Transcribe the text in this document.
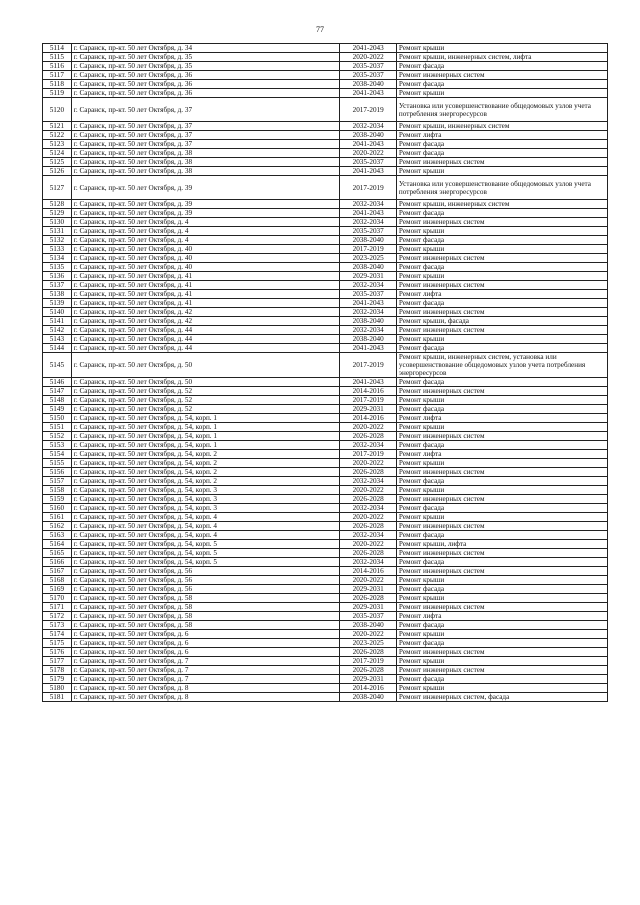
77
5114	г. Саранск, пр-кт. 50 лет Октября, д. 34	2041-2043	Ремонт крыши
5115	г. Саранск, пр-кт. 50 лет Октября, д. 35	2020-2022	Ремонт крыши, инженерных систем, лифта
5116	г. Саранск, пр-кт. 50 лет Октября, д. 35	2035-2037	Ремонт фасада
5117	г. Саранск, пр-кт. 50 лет Октября, д. 36	2035-2037	Ремонт инженерных систем
5118	г. Саранск, пр-кт. 50 лет Октября, д. 36	2038-2040	Ремонт фасада
5119	г. Саранск, пр-кт. 50 лет Октября, д. 36	2041-2043	Ремонт крыши
5120	г. Саранск, пр-кт. 50 лет Октября, д. 37	2017-2019	Установка или усовершенствование общедомовых узлов учета потребления энергоресурсов
5121	г. Саранск, пр-кт. 50 лет Октября, д. 37	2032-2034	Ремонт крыши, инженерных систем
5122	г. Саранск, пр-кт. 50 лет Октября, д. 37	2038-2040	Ремонт лифта
5123	г. Саранск, пр-кт. 50 лет Октября, д. 37	2041-2043	Ремонт фасада
5124	г. Саранск, пр-кт. 50 лет Октября, д. 38	2020-2022	Ремонт фасада
5125	г. Саранск, пр-кт. 50 лет Октября, д. 38	2035-2037	Ремонт инженерных систем
5126	г. Саранск, пр-кт. 50 лет Октября, д. 38	2041-2043	Ремонт крыши
5127	г. Саранск, пр-кт. 50 лет Октября, д. 39	2017-2019	Установка или усовершенствование общедомовых узлов учета потребления энергоресурсов
5128	г. Саранск, пр-кт. 50 лет Октября, д. 39	2032-2034	Ремонт крыши, инженерных систем
5129	г. Саранск, пр-кт. 50 лет Октября, д. 39	2041-2043	Ремонт фасада
5130	г. Саранск, пр-кт. 50 лет Октября, д. 4	2032-2034	Ремонт инженерных систем
5131	г. Саранск, пр-кт. 50 лет Октября, д. 4	2035-2037	Ремонт крыши
5132	г. Саранск, пр-кт. 50 лет Октября, д. 4	2038-2040	Ремонт фасада
5133	г. Саранск, пр-кт. 50 лет Октября, д. 40	2017-2019	Ремонт крыши
5134	г. Саранск, пр-кт. 50 лет Октября, д. 40	2023-2025	Ремонт инженерных систем
5135	г. Саранск, пр-кт. 50 лет Октября, д. 40	2038-2040	Ремонт фасада
5136	г. Саранск, пр-кт. 50 лет Октября, д. 41	2029-2031	Ремонт крыши
5137	г. Саранск, пр-кт. 50 лет Октября, д. 41	2032-2034	Ремонт инженерных систем
5138	г. Саранск, пр-кт. 50 лет Октября, д. 41	2035-2037	Ремонт лифта
5139	г. Саранск, пр-кт. 50 лет Октября, д. 41	2041-2043	Ремонт фасада
5140	г. Саранск, пр-кт. 50 лет Октября, д. 42	2032-2034	Ремонт инженерных систем
5141	г. Саранск, пр-кт. 50 лет Октября, д. 42	2038-2040	Ремонт крыши, фасада
5142	г. Саранск, пр-кт. 50 лет Октября, д. 44	2032-2034	Ремонт инженерных систем
5143	г. Саранск, пр-кт. 50 лет Октября, д. 44	2038-2040	Ремонт крыши
5144	г. Саранск, пр-кт. 50 лет Октября, д. 44	2041-2043	Ремонт фасада
5145	г. Саранск, пр-кт. 50 лет Октября, д. 50	2017-2019	Ремонт крыши, инженерных систем, установка или усовершенствование общедомовых узлов учета потребления энергоресурсов
5146	г. Саранск, пр-кт. 50 лет Октября, д. 50	2041-2043	Ремонт фасада
5147	г. Саранск, пр-кт. 50 лет Октября, д. 52	2014-2016	Ремонт инженерных систем
5148	г. Саранск, пр-кт. 50 лет Октября, д. 52	2017-2019	Ремонт крыши
5149	г. Саранск, пр-кт. 50 лет Октября, д. 52	2029-2031	Ремонт фасада
5150	г. Саранск, пр-кт. 50 лет Октября, д. 54, корп. 1	2014-2016	Ремонт лифта
5151	г. Саранск, пр-кт. 50 лет Октября, д. 54, корп. 1	2020-2022	Ремонт крыши
5152	г. Саранск, пр-кт. 50 лет Октября, д. 54, корп. 1	2026-2028	Ремонт инженерных систем
5153	г. Саранск, пр-кт. 50 лет Октября, д. 54, корп. 1	2032-2034	Ремонт фасада
5154	г. Саранск, пр-кт. 50 лет Октября, д. 54, корп. 2	2017-2019	Ремонт лифта
5155	г. Саранск, пр-кт. 50 лет Октября, д. 54, корп. 2	2020-2022	Ремонт крыши
5156	г. Саранск, пр-кт. 50 лет Октября, д. 54, корп. 2	2026-2028	Ремонт инженерных систем
5157	г. Саранск, пр-кт. 50 лет Октября, д. 54, корп. 2	2032-2034	Ремонт фасада
5158	г. Саранск, пр-кт. 50 лет Октября, д. 54, корп. 3	2020-2022	Ремонт крыши
5159	г. Саранск, пр-кт. 50 лет Октября, д. 54, корп. 3	2026-2028	Ремонт инженерных систем
5160	г. Саранск, пр-кт. 50 лет Октября, д. 54, корп. 3	2032-2034	Ремонт фасада
5161	г. Саранск, пр-кт. 50 лет Октября, д. 54, корп. 4	2020-2022	Ремонт крыши
5162	г. Саранск, пр-кт. 50 лет Октября, д. 54, корп. 4	2026-2028	Ремонт инженерных систем
5163	г. Саранск, пр-кт. 50 лет Октября, д. 54, корп. 4	2032-2034	Ремонт фасада
5164	г. Саранск, пр-кт. 50 лет Октября, д. 54, корп. 5	2020-2022	Ремонт крыши, лифта
5165	г. Саранск, пр-кт. 50 лет Октября, д. 54, корп. 5	2026-2028	Ремонт инженерных систем
5166	г. Саранск, пр-кт. 50 лет Октября, д. 54, корп. 5	2032-2034	Ремонт фасада
5167	г. Саранск, пр-кт. 50 лет Октября, д. 56	2014-2016	Ремонт инженерных систем
5168	г. Саранск, пр-кт. 50 лет Октября, д. 56	2020-2022	Ремонт крыши
5169	г. Саранск, пр-кт. 50 лет Октября, д. 56	2029-2031	Ремонт фасада
5170	г. Саранск, пр-кт. 50 лет Октября, д. 58	2026-2028	Ремонт крыши
5171	г. Саранск, пр-кт. 50 лет Октября, д. 58	2029-2031	Ремонт инженерных систем
5172	г. Саранск, пр-кт. 50 лет Октября, д. 58	2035-2037	Ремонт лифта
5173	г. Саранск, пр-кт. 50 лет Октября, д. 58	2038-2040	Ремонт фасада
5174	г. Саранск, пр-кт. 50 лет Октября, д. 6	2020-2022	Ремонт крыши
5175	г. Саранск, пр-кт. 50 лет Октября, д. 6	2023-2025	Ремонт фасада
5176	г. Саранск, пр-кт. 50 лет Октября, д. 6	2026-2028	Ремонт инженерных систем
5177	г. Саранск, пр-кт. 50 лет Октября, д. 7	2017-2019	Ремонт крыши
5178	г. Саранск, пр-кт. 50 лет Октября, д. 7	2026-2028	Ремонт инженерных систем
5179	г. Саранск, пр-кт. 50 лет Октября, д. 7	2029-2031	Ремонт фасада
5180	г. Саранск, пр-кт. 50 лет Октября, д. 8	2014-2016	Ремонт крыши
5181	г. Саранск, пр-кт. 50 лет Октября, д. 8	2038-2040	Ремонт инженерных систем, фасада
